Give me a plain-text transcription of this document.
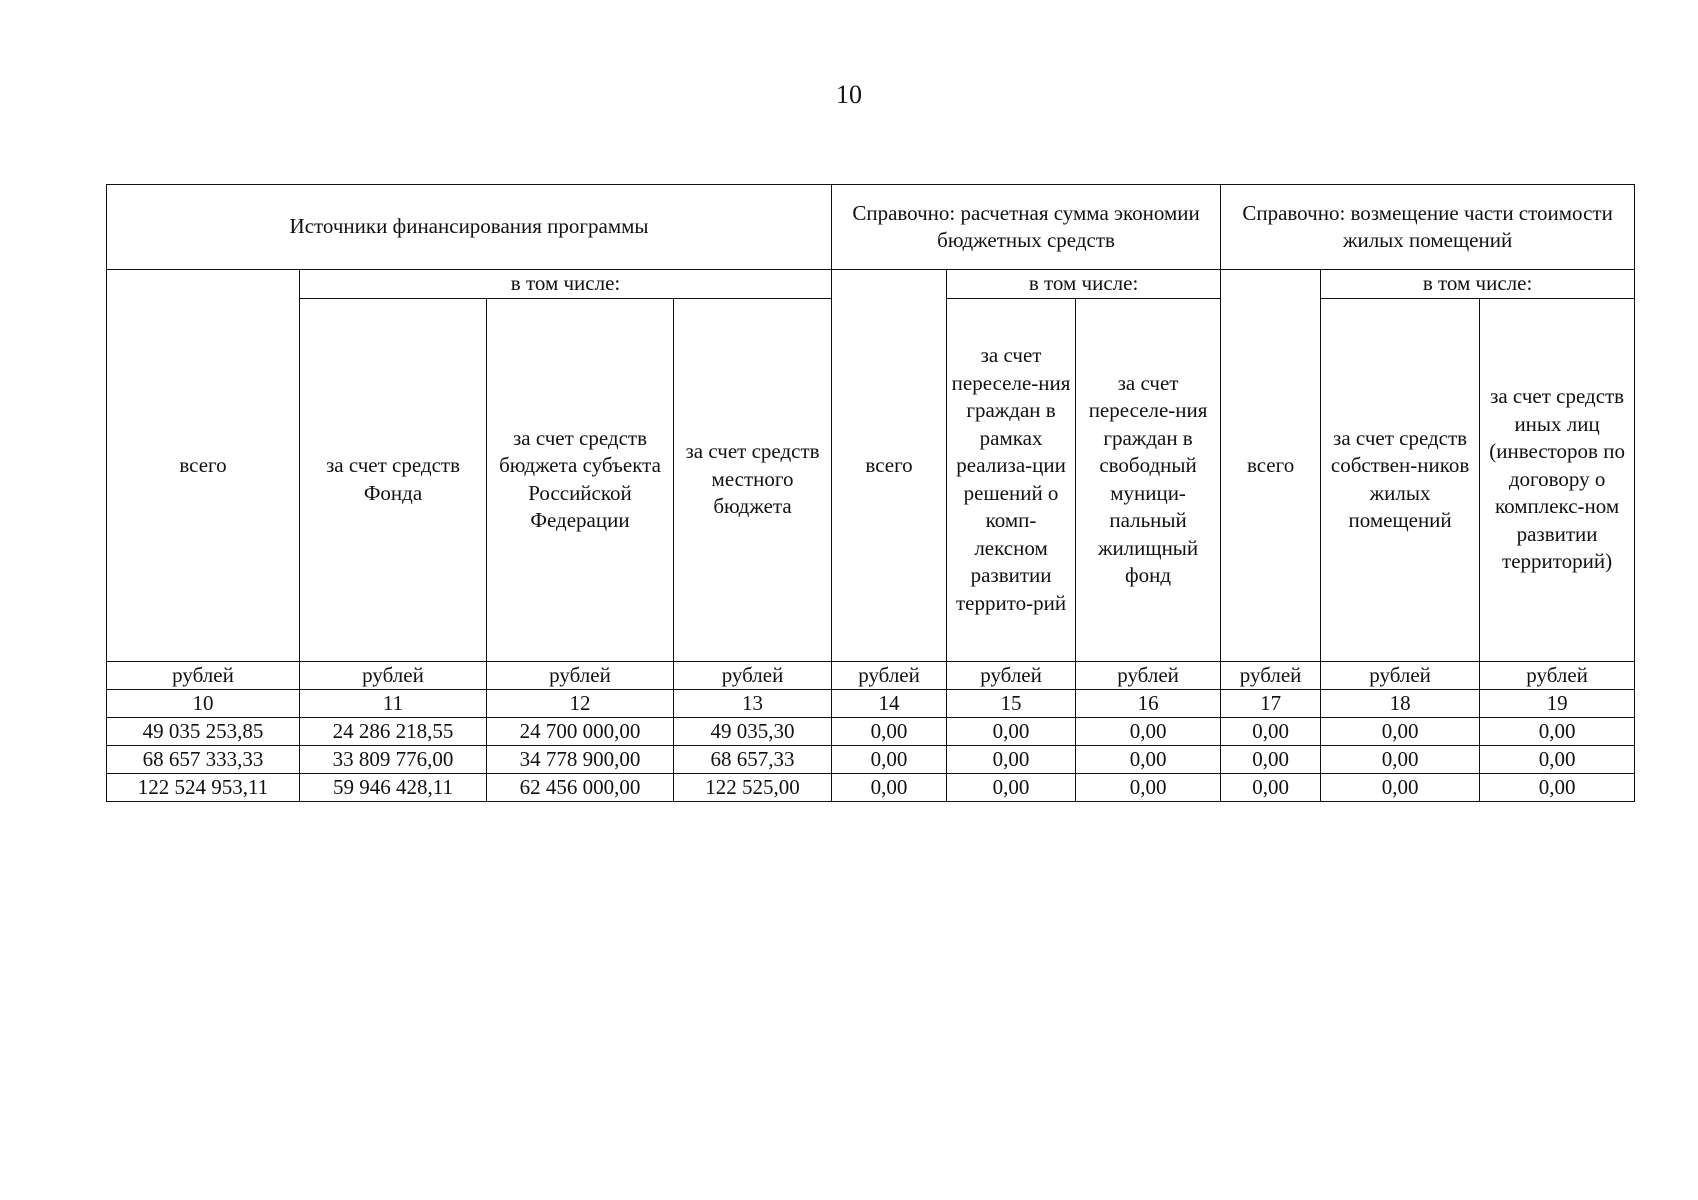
10
Источники финансирования программы				Справочно: расчетная сумма экономии бюджетных средств			Справочно: возмещение части стоимости жилых помещений		
всего	в том числе:			всего	в том числе:		всего	в том числе:	
	за счет средств Фонда	за счет средств бюджета субъекта Российской Федерации	за счет средств местного бюджета		за счет переселе-ния граждан в рамках реализа-ции решений о комп-лексном развитии террито-рий	за счет переселе-ния граждан в свободный муници-пальный жилищный фонд		за счет средств собствен-ников жилых помещений	за счет средств иных лиц (инвесторов по договору о комплекс-ном развитии территорий)
рублей	рублей	рублей	рублей	рублей	рублей	рублей	рублей	рублей	рублей
10	11	12	13	14	15	16	17	18	19
49 035 253,85	24 286 218,55	24 700 000,00	49 035,30	0,00	0,00	0,00	0,00	0,00	0,00
68 657 333,33	33 809 776,00	34 778 900,00	68 657,33	0,00	0,00	0,00	0,00	0,00	0,00
122 524 953,11	59 946 428,11	62 456 000,00	122 525,00	0,00	0,00	0,00	0,00	0,00	0,00
